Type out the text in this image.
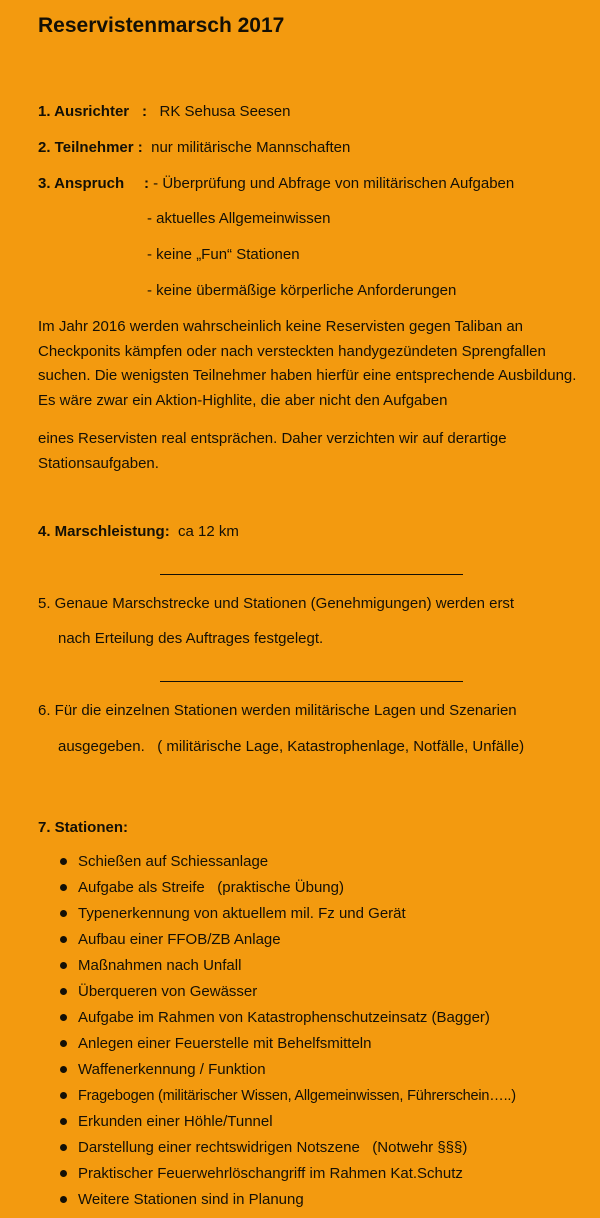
Reservistenmarsch 2017
1. Ausrichter : RK Sehusa Seesen
2. Teilnehmer : nur militärische Mannschaften
3. Anspruch : - Überprüfung und Abfrage von militärischen Aufgaben
- aktuelles Allgemeinwissen
- keine „Fun“ Stationen
- keine übermäßige körperliche Anforderungen
Im Jahr 2016 werden wahrscheinlich keine Reservisten gegen Taliban an Checkponits kämpfen oder nach versteckten handygezündeten Sprengfallen suchen. Die wenigsten Teilnehmer haben hierfür eine entsprechende Ausbildung. Es wäre zwar ein Aktion-Highlite, die aber nicht den Aufgaben
eines Reservisten real entsprächen. Daher verzichten wir auf derartige Stationsaufgaben.
4. Marschleistung: ca 12 km
5. Genaue Marschstrecke und Stationen (Genehmigungen) werden erst
nach Erteilung des Auftrages festgelegt.
6. Für die einzelnen Stationen werden militärische Lagen und Szenarien
ausgegeben.   ( militärische Lage, Katastrophenlage, Notfälle, Unfälle)
7. Stationen:
Schießen auf Schiessanlage
Aufgabe als Streife   (praktische Übung)
Typenerkennung von aktuellem mil. Fz und Gerät
Aufbau einer FFOB/ZB Anlage
Maßnahmen nach Unfall
Überqueren von Gewässer
Aufgabe im Rahmen von Katastrophenschutzeinsatz (Bagger)
Anlegen einer Feuerstelle mit Behelfsmitteln
Waffenerkennung / Funktion
Fragebogen (militärischer Wissen, Allgemeinwissen, Führerschein…..)
Erkunden einer Höhle/Tunnel
Darstellung einer rechtswidrigen Notszene   (Notwehr §§§)
Praktischer Feuerwehrlöschangriff im Rahmen Kat.Schutz
Weitere Stationen sind in Planung
